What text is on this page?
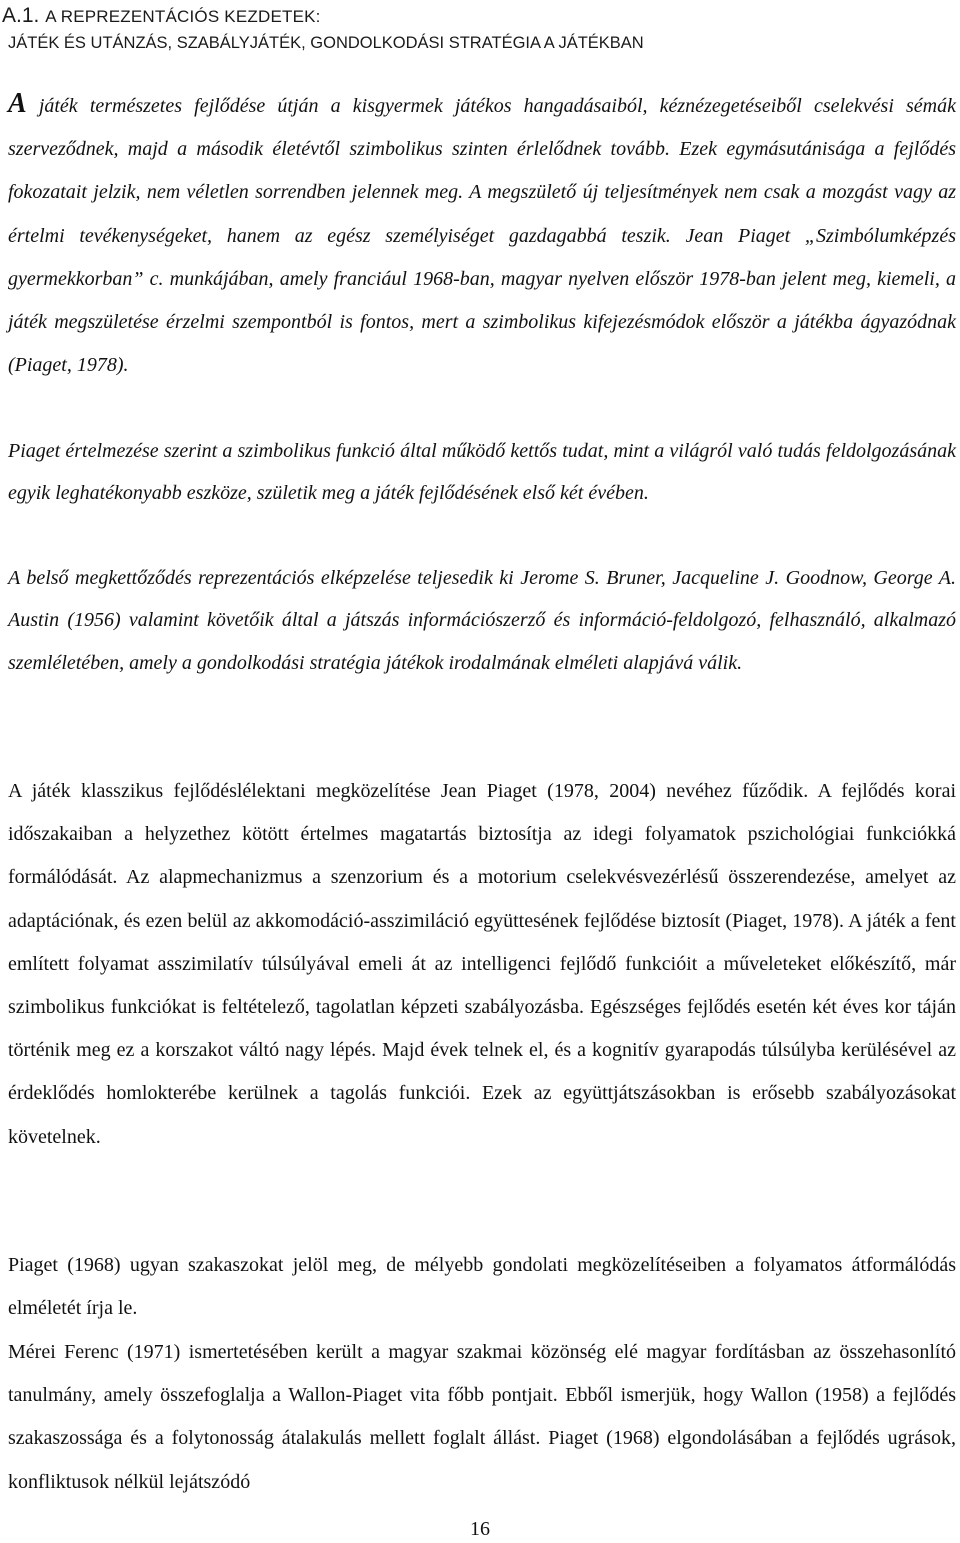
A.1. A REPREZENTÁCIÓS KEZDETEK:
JÁTÉK ÉS UTÁNZÁS, SZABÁLYJÁTÉK, GONDOLKODÁSI STRATÉGIA A JÁTÉKBAN

A játék természetes fejlődése útján a kisgyermek játékos hangadásaiból, kéznézegetéseiből cselekvési sémák szerveződnek, majd a második életévtől szimbolikus szinten érlelődnek tovább. Ezek egymásutánisága a fejlődés fokozatait jelzik, nem véletlen sorrendben jelennek meg. A megszülető új teljesítmények nem csak a mozgást vagy az értelmi tevékenységeket, hanem az egész személyiséget gazdagabbá teszik. Jean Piaget „Szimbólumképzés gyermekkorban” c. munkájában, amely franciául 1968-ban, magyar nyelven először 1978-ban jelent meg, kiemeli, a játék megszületése érzelmi szempontból is fontos, mert a szimbolikus kifejezésmódok először a játékba ágyazódnak (Piaget, 1978).

Piaget értelmezése szerint a szimbolikus funkció által működő kettős tudat, mint a világról való tudás feldolgozásának egyik leghatékonyabb eszköze, születik meg a játék fejlődésének első két évében.

A belső megkettőződés reprezentációs elképzelése teljesedik ki Jerome S. Bruner, Jacqueline J. Goodnow, George A. Austin (1956) valamint követőik által a játszás információszerző és információ-feldolgozó, felhasználó, alkalmazó szemléletében, amely a gondolkodási stratégia játékok irodalmának elméleti alapjává válik.

A játék klasszikus fejlődéslélektani megközelítése Jean Piaget (1978, 2004) nevéhez fűződik. A fejlődés korai időszakaiban a helyzethez kötött értelmes magatartás biztosítja az idegi folyamatok pszichológiai funkciókká formálódását. Az alapmechanizmus a szenzorium és a motorium cselekvésvezérlésű összerendezése, amelyet az adaptációnak, és ezen belül az akkomodáció-asszimiláció együttesének fejlődése biztosít (Piaget, 1978). A játék a fent említett folyamat asszimilatív túlsúlyával emeli át az intelligenci fejlődő funkcióit a műveleteket előkészítő, már szimbolikus funkciókat is feltételező, tagolatlan képzeti szabályozásba. Egészséges fejlődés esetén két éves kor táján történik meg ez a korszakot váltó nagy lépés. Majd évek telnek el, és a kognitív gyarapodás túlsúlyba kerülésével az érdeklődés homlokterébe kerülnek a tagolás funkciói. Ezek az együttjátszásokban is erősebb szabályozásokat követelnek.

Piaget (1968) ugyan szakaszokat jelöl meg, de mélyebb gondolati megközelítéseiben a folyamatos átformálódás elméletét írja le.

Mérei Ferenc (1971) ismertetésében került a magyar szakmai közönség elé magyar fordításban az összehasonlító tanulmány, amely összefoglalja a Wallon-Piaget vita főbb pontjait. Ebből ismerjük, hogy Wallon (1958) a fejlődés szakaszossága és a folytonosság átalakulás mellett foglalt állást. Piaget (1968) elgondolásában a fejlődés ugrások, konfliktusok nélkül lejátszódó

16
